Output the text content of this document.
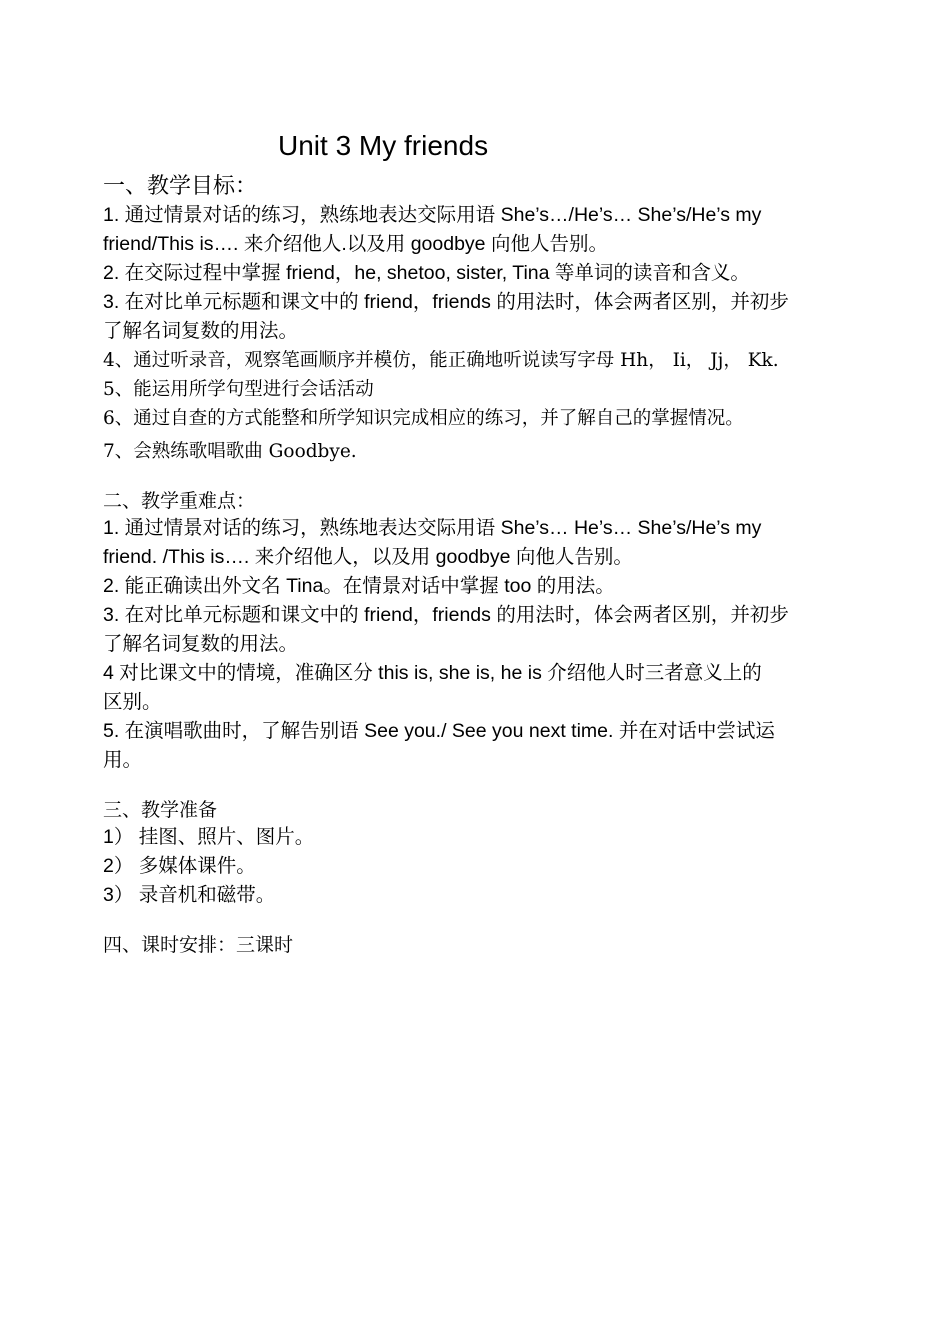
Unit 3 My friends
一、教学目标：
1. 通过情景对话的练习，熟练地表达交际用语 She’s…/He’s… She’s/He’s my
friend/This is…. 来介绍他人.以及用 goodbye 向他人告别。
2. 在交际过程中掌握 friend，he, shetoo, sister, Tina 等单词的读音和含义。
3. 在对比单元标题和课文中的 friend，friends 的用法时，体会两者区别，并初步
了解名词复数的用法。
4、通过听录音，观察笔画顺序并模仿，能正确地听说读写字母 Hh， Ii， Jj， Kk.
5、能运用所学句型进行会话活动
6、通过自查的方式能整和所学知识完成相应的练习，并了解自己的掌握情况。
7、会熟练歌唱歌曲 Goodbye.
二、教学重难点：
1. 通过情景对话的练习，熟练地表达交际用语 She’s… He’s… She’s/He’s my
friend. /This is…. 来介绍他人，以及用 goodbye 向他人告别。
2. 能正确读出外文名 Tina。在情景对话中掌握 too 的用法。
3. 在对比单元标题和课文中的 friend，friends 的用法时，体会两者区别，并初步
了解名词复数的用法。
4 对比课文中的情境，准确区分 this is, she is, he is 介绍他人时三者意义上的
区别。
5. 在演唱歌曲时，了解告别语 See you./ See you next time. 并在对话中尝试运
用。
三、教学准备
1） 挂图、照片、图片。
2） 多媒体课件。
3） 录音机和磁带。
四、课时安排：三课时
